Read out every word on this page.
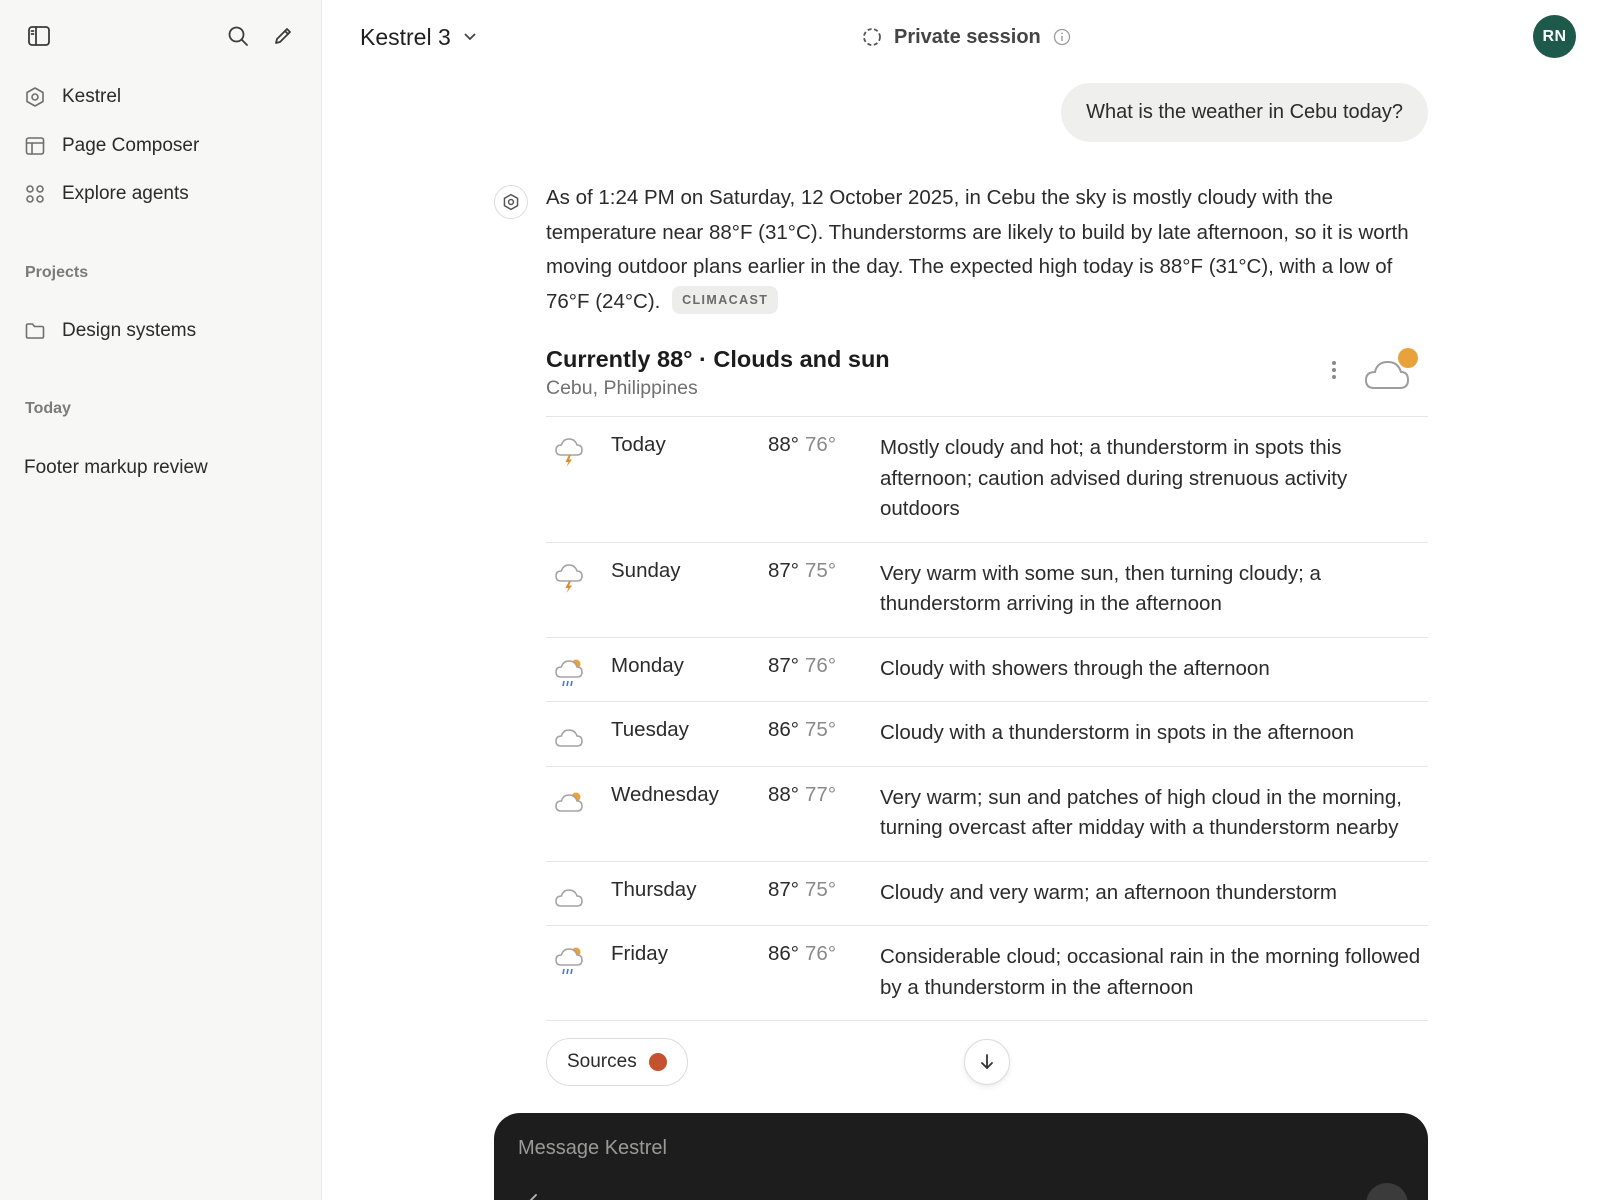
Kestrel
Page Composer
Explore agents
Projects
Design systems
Today
Footer markup review
Kestrel 3	Private session	RN
What is the weather in Cebu today?
As of 1:24 PM on Saturday, 12 October 2025, in Cebu the sky is mostly cloudy with the temperature near 88°F (31°C). Thunderstorms are likely to build by late afternoon, so it is worth moving outdoor plans earlier in the day. The expected high today is 88°F (31°C), with a low of 76°F (24°C). CLIMACAST
Currently 88° · Clouds and sun
Cebu, Philippines
Today	88° 76° Mostly cloudy and hot; a thunderstorm in spots this afternoon; caution advised during strenuous activity outdoors
Sunday	87° 75° Very warm with some sun, then turning cloudy; a thunderstorm arriving in the afternoon
Monday	87° 76° Cloudy with showers through the afternoon
Tuesday	86° 75° Cloudy with a thunderstorm in spots in the afternoon
Wednesday 88° 77° Very warm; sun and patches of high cloud in the morning, turning overcast after midday with a thunderstorm nearby
Thursday	87° 75° Cloudy and very warm; an afternoon thunderstorm
Friday	86° 76° Considerable cloud; occasional rain in the morning followed by a thunderstorm in the afternoon
Sources
Message Kestrel
